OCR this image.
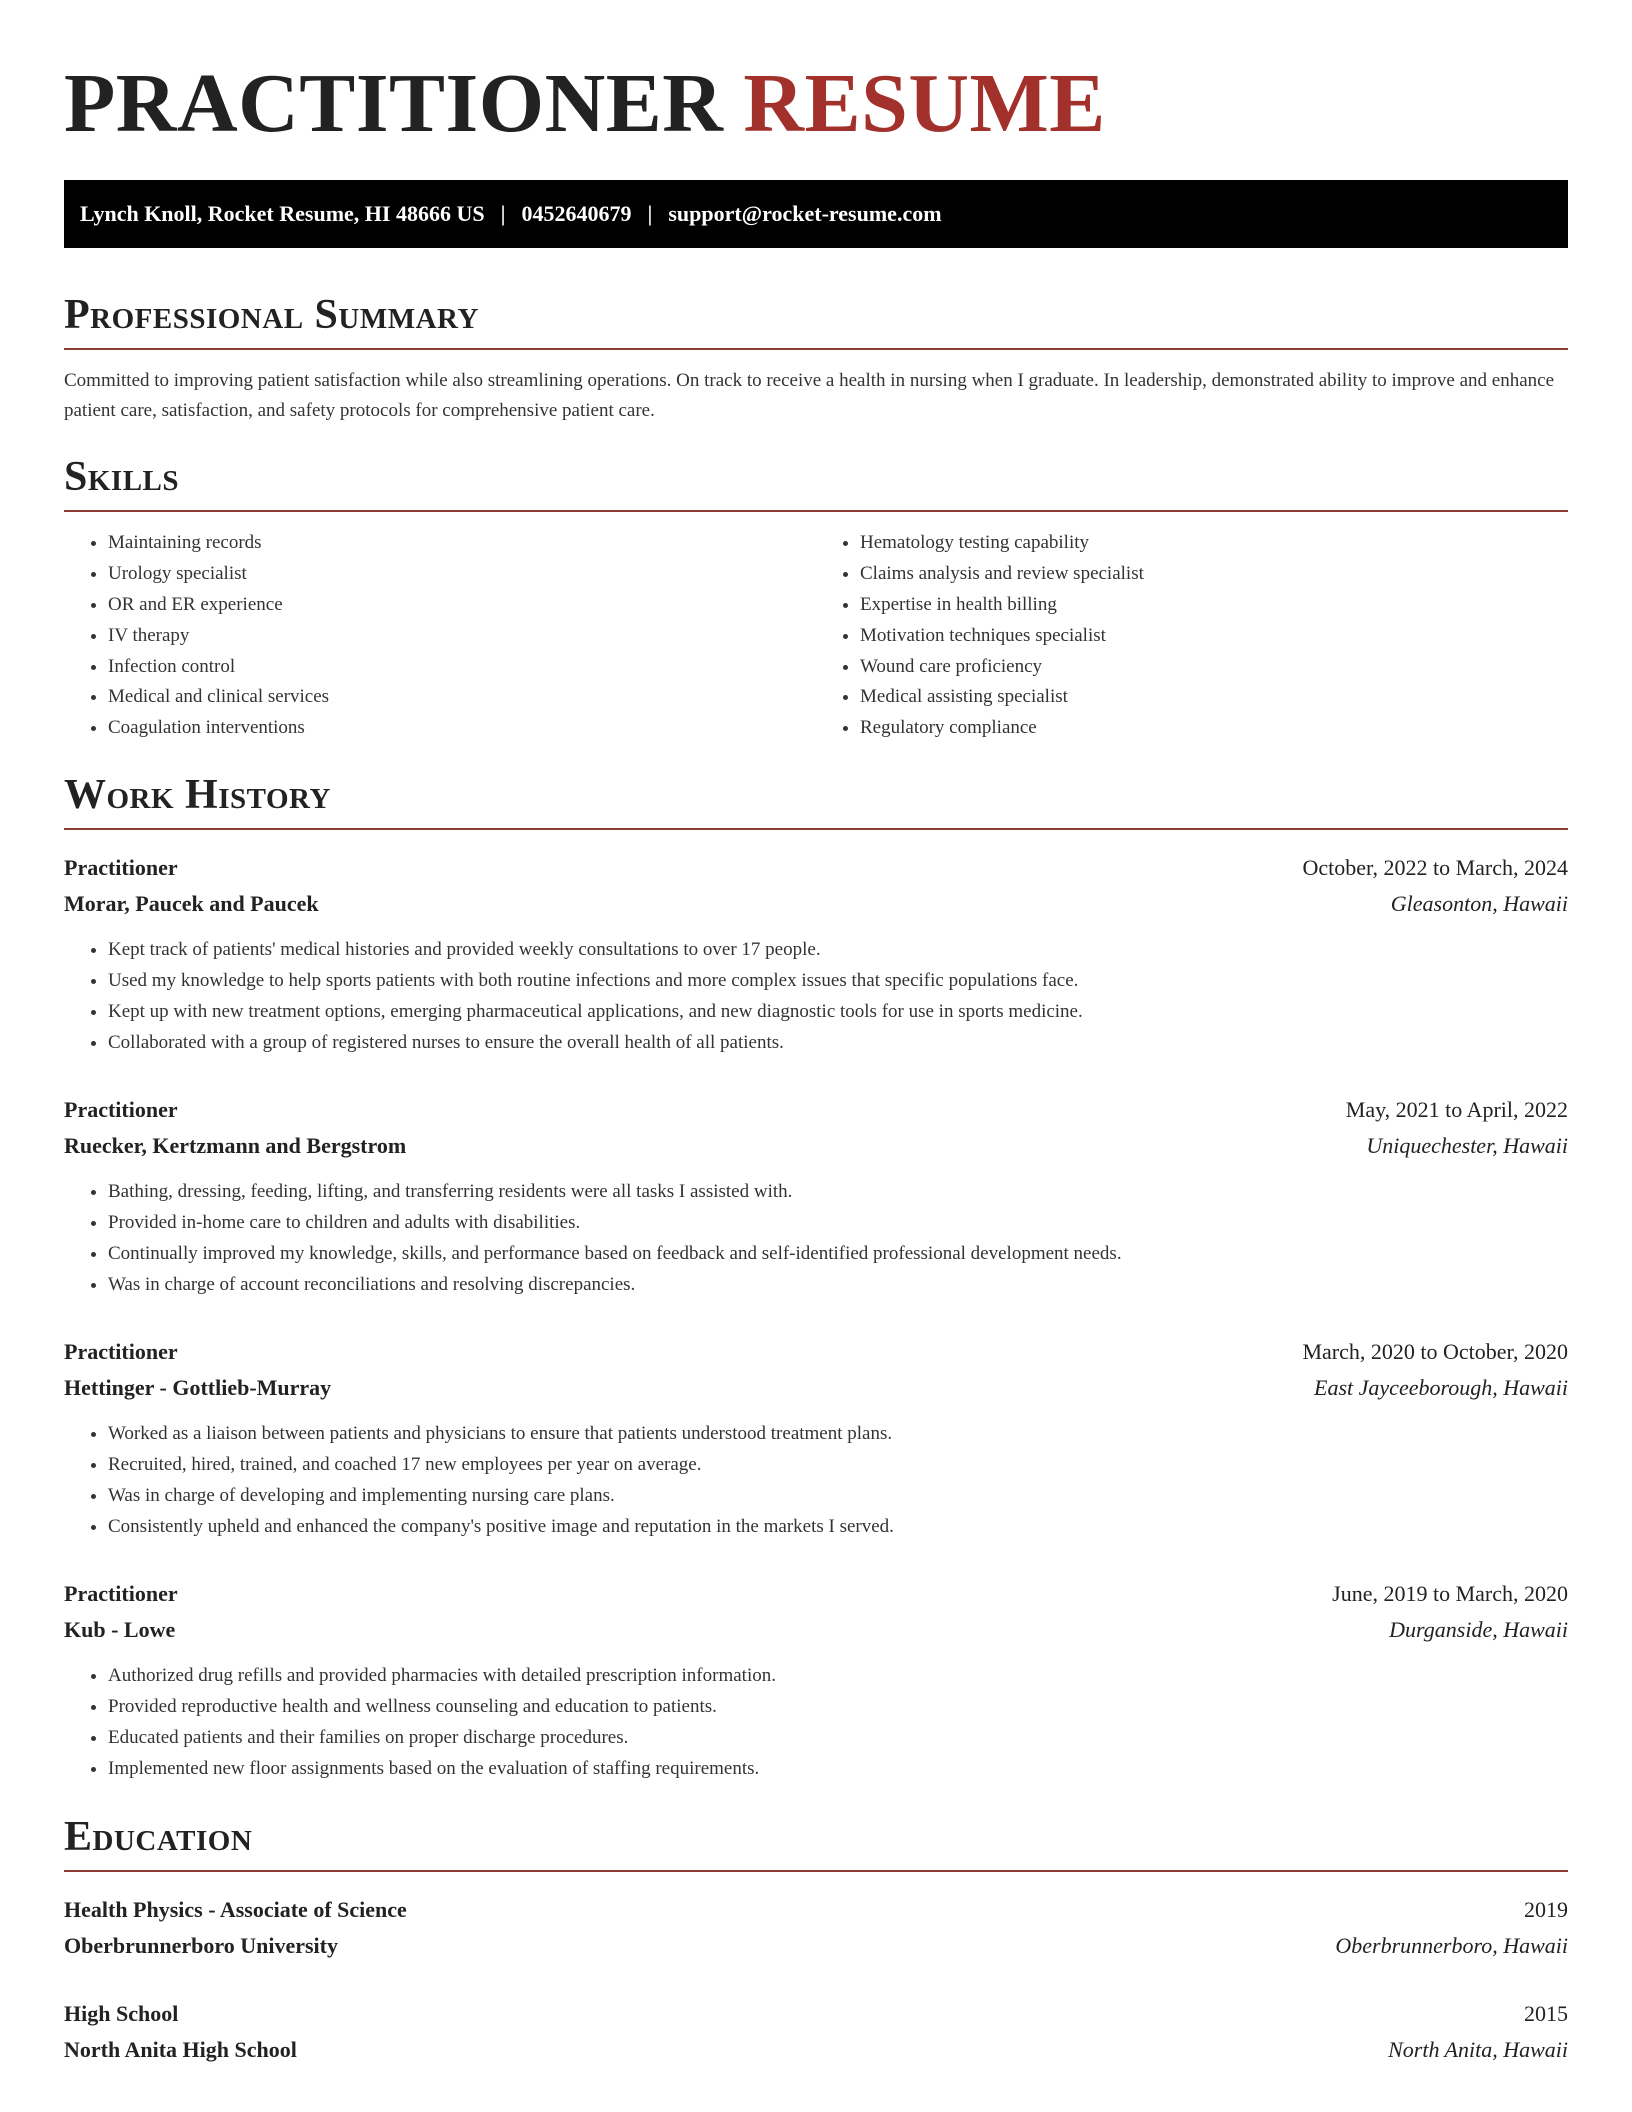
PRACTITIONER RESUME
Lynch Knoll, Rocket Resume, HI 48666 US | 0452640679 | support@rocket-resume.com
Professional Summary

Committed to improving patient satisfaction while also streamlining operations. On track to receive a health in nursing when I graduate. In leadership, demonstrated ability to improve and enhance patient care, satisfaction, and safety protocols for comprehensive patient care.

Skills
• Maintaining records
• Urology specialist
• OR and ER experience
• IV therapy
• Infection control
• Medical and clinical services
• Coagulation interventions
• Hematology testing capability
• Claims analysis and review specialist
• Expertise in health billing
• Motivation techniques specialist
• Wound care proficiency
• Medical assisting specialist
• Regulatory compliance
Work History
Practitioner	October, 2022 to March, 2024
Morar, Paucek and Paucek	Gleasonton, Hawaii
• Kept track of patients' medical histories and provided weekly consultations to over 17 people.
• Used my knowledge to help sports patients with both routine infections and more complex issues that specific populations face.
• Kept up with new treatment options, emerging pharmaceutical applications, and new diagnostic tools for use in sports medicine.
• Collaborated with a group of registered nurses to ensure the overall health of all patients.
Practitioner	May, 2021 to April, 2022
Ruecker, Kertzmann and Bergstrom	Uniquechester, Hawaii
• Bathing, dressing, feeding, lifting, and transferring residents were all tasks I assisted with.
• Provided in-home care to children and adults with disabilities.
• Continually improved my knowledge, skills, and performance based on feedback and self-identified professional development needs.
• Was in charge of account reconciliations and resolving discrepancies.
Practitioner	March, 2020 to October, 2020
Hettinger - Gottlieb-Murray	East Jayceeborough, Hawaii
• Worked as a liaison between patients and physicians to ensure that patients understood treatment plans.
• Recruited, hired, trained, and coached 17 new employees per year on average.
• Was in charge of developing and implementing nursing care plans.
• Consistently upheld and enhanced the company's positive image and reputation in the markets I served.
Practitioner	June, 2019 to March, 2020
Kub - Lowe	Durganside, Hawaii
• Authorized drug refills and provided pharmacies with detailed prescription information.
• Provided reproductive health and wellness counseling and education to patients.
• Educated patients and their families on proper discharge procedures.
• Implemented new floor assignments based on the evaluation of staffing requirements.
Education
Health Physics - Associate of Science	2019
Oberbrunnerboro University	Oberbrunnerboro, Hawaii
High School	2015
North Anita High School	North Anita, Hawaii
